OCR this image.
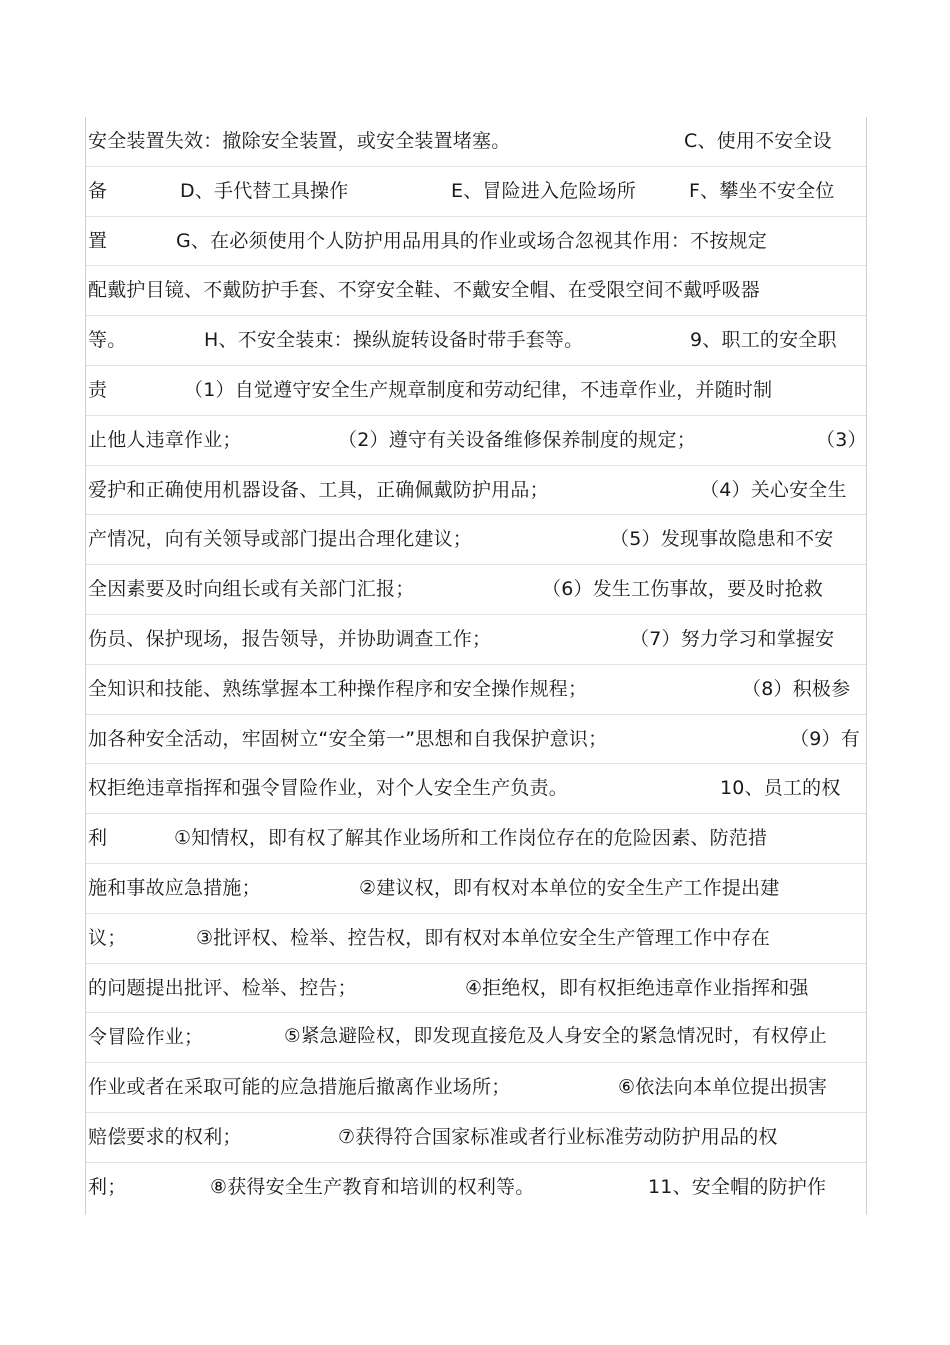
安全装置失效：撤除安全装置，或安全装置堵塞。	C、使用不安全设
备	D、手代替工具操作	E、冒险进入危险场所	F、攀坐不安全位
置	G、在必须使用个人防护用品用具的作业或场合忽视其作用：不按规定
配戴护目镜、不戴防护手套、不穿安全鞋、不戴安全帽、在受限空间不戴呼吸器
等。	H、不安全装束：操纵旋转设备时带手套等。	9、职工的安全职
责	（1）自觉遵守安全生产规章制度和劳动纪律，不违章作业，并随时制
止他人违章作业；	（2）遵守有关设备维修保养制度的规定；	（3）
爱护和正确使用机器设备、工具，正确佩戴防护用品；	（4）关心安全生
产情况，向有关领导或部门提出合理化建议；	（5）发现事故隐患和不安
全因素要及时向组长或有关部门汇报；	（6）发生工伤事故，要及时抢救
伤员、保护现场，报告领导，并协助调查工作；	（7）努力学习和掌握安
全知识和技能、熟练掌握本工种操作程序和安全操作规程；	（8）积极参
加各种安全活动，牢固树立“安全第一”思想和自我保护意识；	（9）有
权拒绝违章指挥和强令冒险作业，对个人安全生产负责。	10、员工的权
利	①知情权，即有权了解其作业场所和工作岗位存在的危险因素、防范措
施和事故应急措施；	②建议权，即有权对本单位的安全生产工作提出建
议；	③批评权、检举、控告权，即有权对本单位安全生产管理工作中存在
的问题提出批评、检举、控告；	④拒绝权，即有权拒绝违章作业指挥和强
令冒险作业；	⑤紧急避险权，即发现直接危及人身安全的紧急情况时，有权停止
作业或者在采取可能的应急措施后撤离作业场所；	⑥依法向本单位提出损害
赔偿要求的权利；	⑦获得符合国家标准或者行业标准劳动防护用品的权
利；	⑧获得安全生产教育和培训的权利等。	11、安全帽的防护作
